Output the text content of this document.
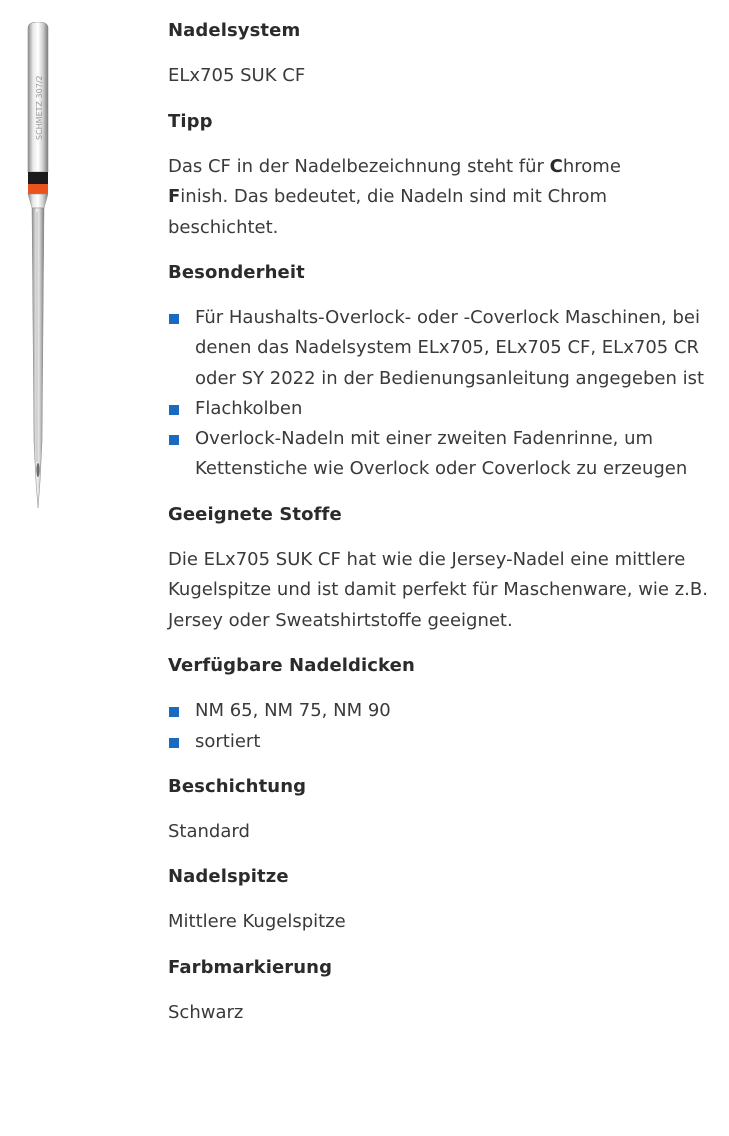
SCHMETZ 307/2
Nadelsystem

ELx705 SUK CF

Tipp

Das CF in der Nadelbezeichnung steht für Chrome
Finish. Das bedeutet, die Nadeln sind mit Chrom beschichtet.

Besonderheit
Für Haushalts-Overlock- oder -Coverlock Maschinen, bei denen das Nadelsystem ELx705, ELx705 CF, ELx705 CR oder SY 2022 in der Bedienungsanleitung angegeben ist
Flachkolben
Overlock-Nadeln mit einer zweiten Fadenrinne, um Kettenstiche wie Overlock oder Coverlock zu erzeugen
Geeignete Stoffe

Die ELx705 SUK CF hat wie die Jersey-Nadel eine mittlere Kugelspitze und ist damit perfekt für Maschenware, wie z.B. Jersey oder Sweatshirtstoffe geeignet.

Verfügbare Nadeldicken
NM 65, NM 75, NM 90
sortiert
Beschichtung

Standard

Nadelspitze

Mittlere Kugelspitze

Farbmarkierung

Schwarz
